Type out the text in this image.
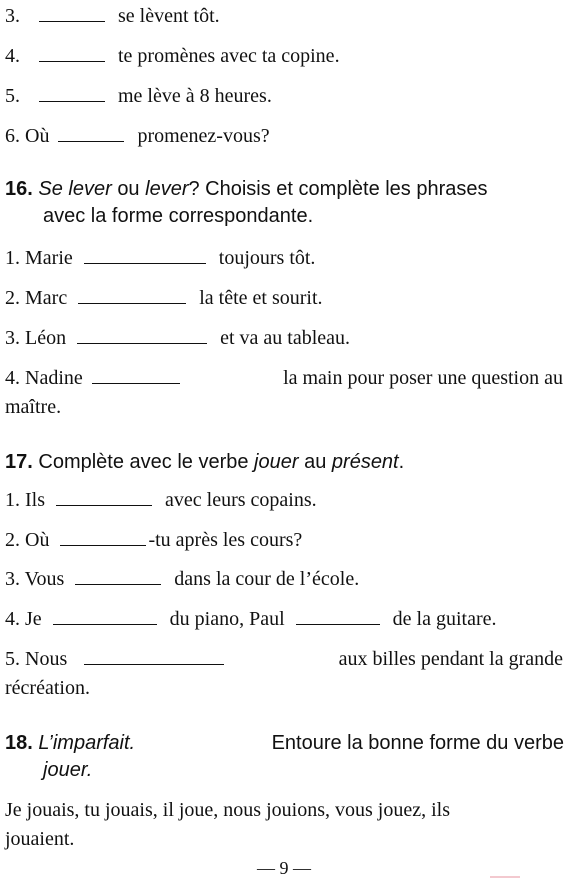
3.	se lèvent tôt.
4.	te promènes avec ta copine.
5.	me lève à 8 heures.
6. Où	promenez-vous?
16. Se lever ou lever? Choisis et complète les phrases
avec la forme correspondante.
1. Marie	toujours tôt.
2. Marc	la tête et sourit.
3. Léon	et va au tableau.
4. Nadine	la main pour poser une question au
maître.
17. Complète avec le verbe jouer au présent.
1. Ils	avec leurs copains.
2. Où	-tu après les cours?
3. Vous	dans la cour de l’école.
4. Je	du piano, Paul	de la guitare.
5. Nous	aux billes pendant la grande
récréation.
18. L’imparfait.	Entoure la bonne forme du verbe
jouer.
Je jouais, tu jouais, il joue, nous jouions, vous jouez, ils
jouaient.
— 9 —
